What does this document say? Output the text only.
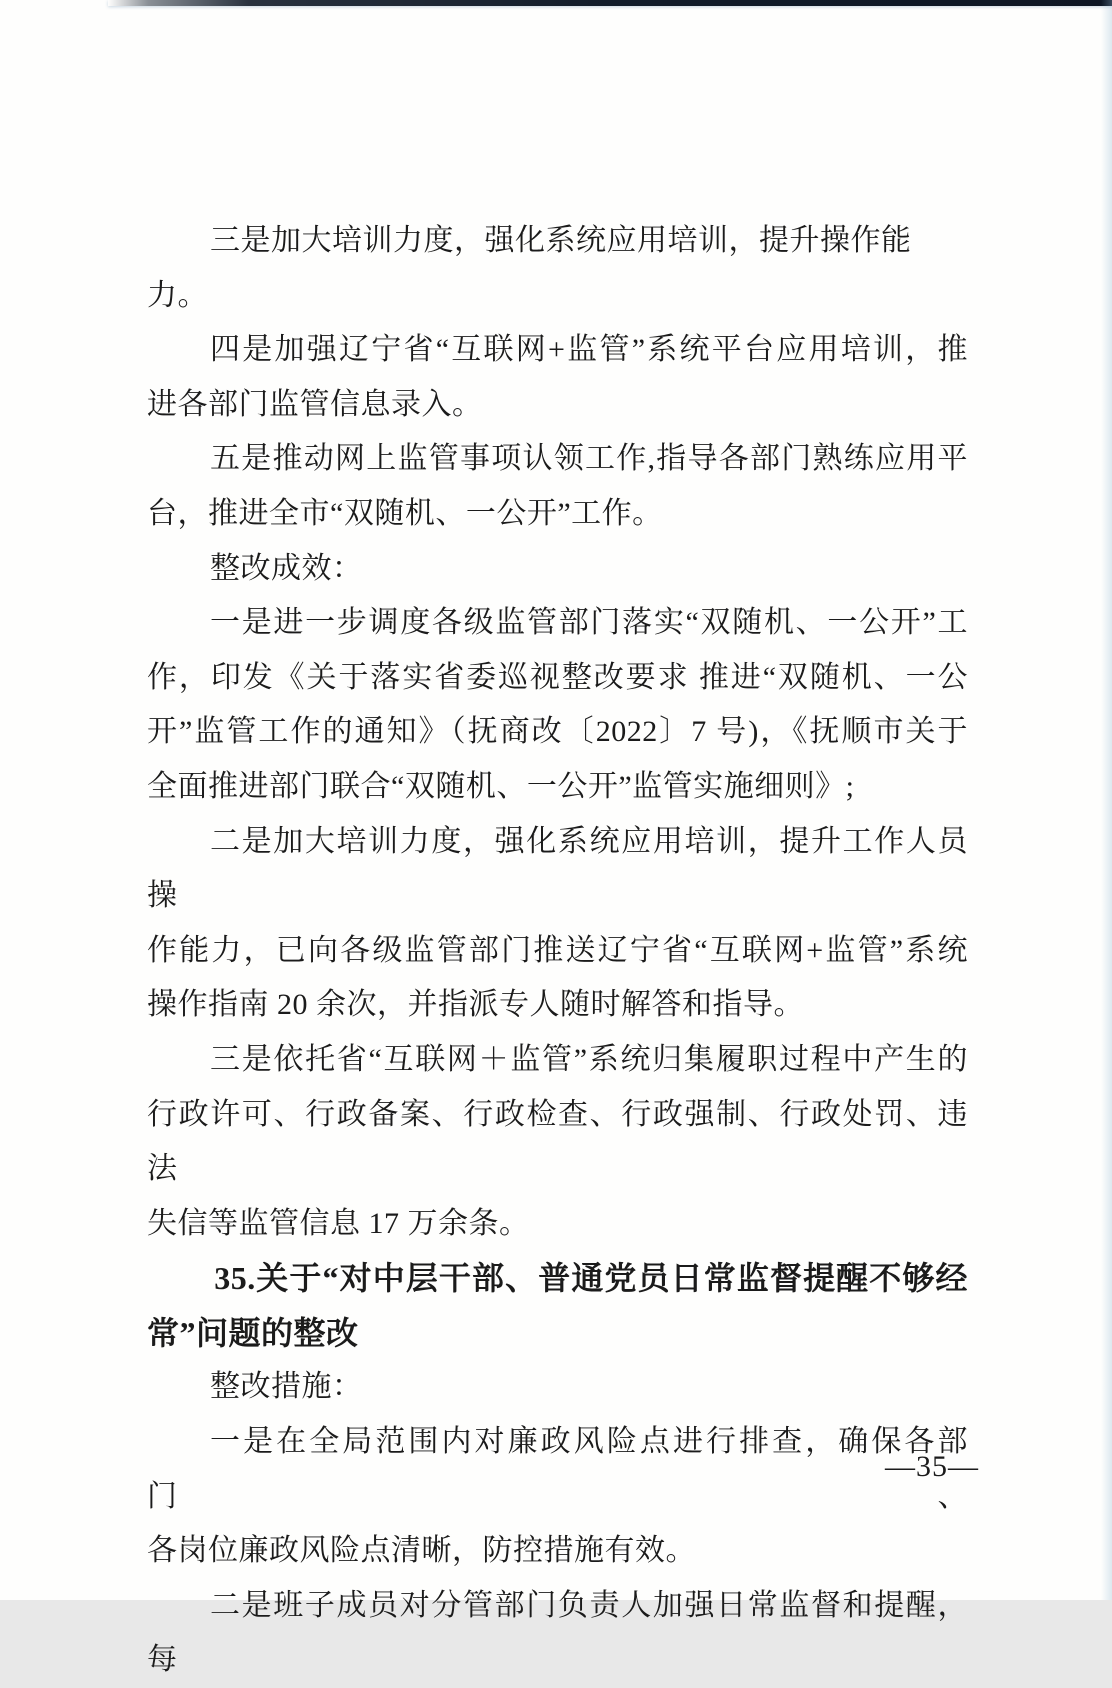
三是加大培训力度，强化系统应用培训，提升操作能力。
四是加强辽宁省“互联网+监管”系统平台应用培训，推
进各部门监管信息录入。
五是推动网上监管事项认领工作,指导各部门熟练应用平
台，推进全市“双随机、一公开”工作。
整改成效：
一是进一步调度各级监管部门落实“双随机、一公开”工
作，印发《关于落实省委巡视整改要求 推进“双随机、一公
开”监管工作的通知》（抚商改〔2022〕7 号)，《抚顺市关于
全面推进部门联合“双随机、一公开”监管实施细则》;
二是加大培训力度，强化系统应用培训，提升工作人员操
作能力，已向各级监管部门推送辽宁省“互联网+监管”系统
操作指南 20 余次，并指派专人随时解答和指导。
三是依托省“互联网＋监管”系统归集履职过程中产生的
行政许可、行政备案、行政检查、行政强制、行政处罚、违法
失信等监管信息 17 万余条。
35.关于“对中层干部、普通党员日常监督提醒不够经
常”问题的整改
整改措施：
一是在全局范围内对廉政风险点进行排查，确保各部门、
各岗位廉政风险点清晰，防控措施有效。
二是班子成员对分管部门负责人加强日常监督和提醒，每
—35—
